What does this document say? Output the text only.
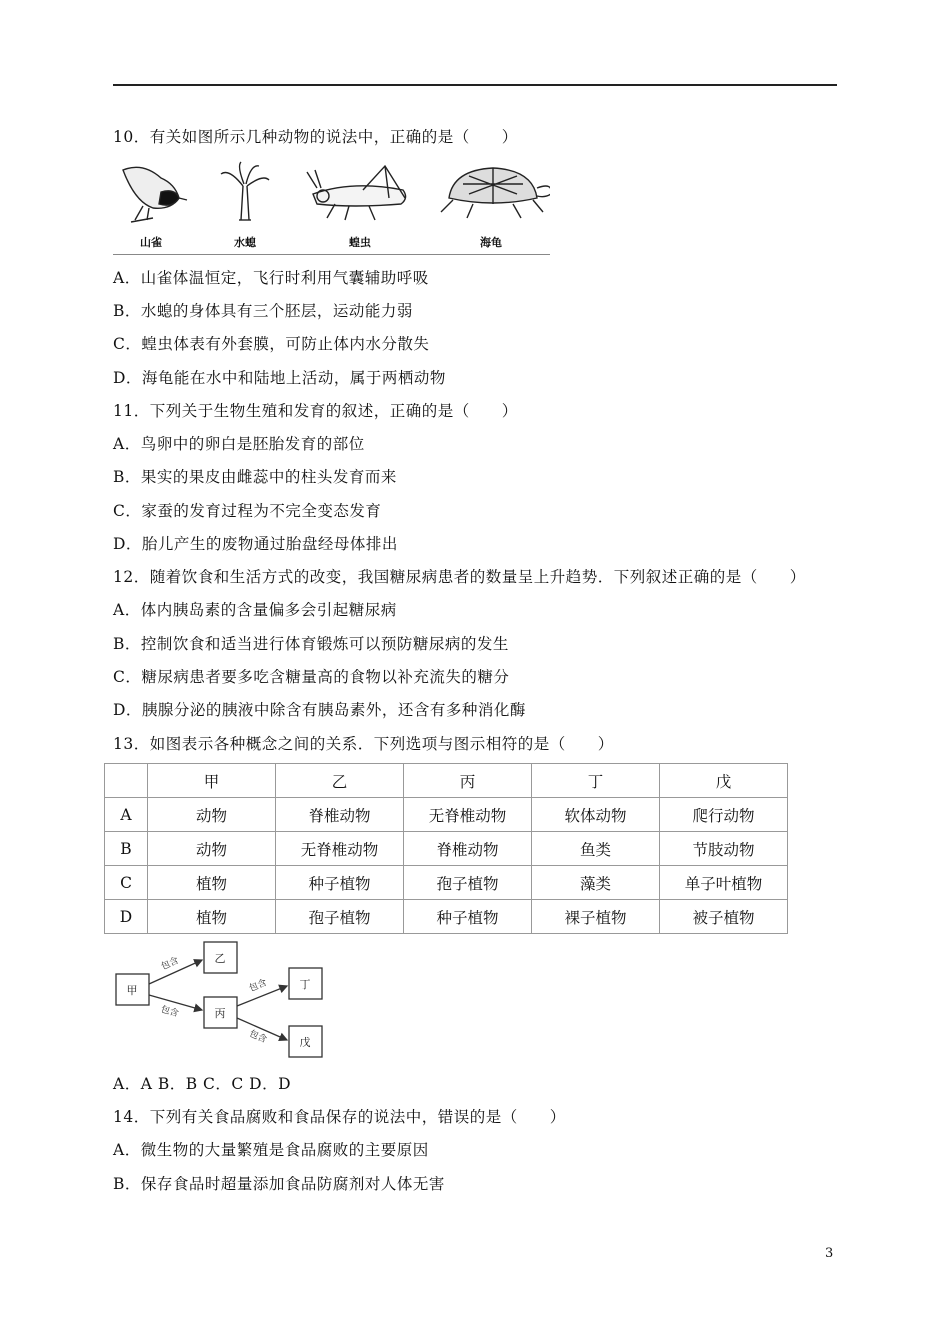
10．有关如图所示几种动物的说法中，正确的是（　　）
山雀	水螅	蝗虫	海龟
A．山雀体温恒定，飞行时利用气囊辅助呼吸
B．水螅的身体具有三个胚层，运动能力弱
C．蝗虫体表有外套膜，可防止体内水分散失
D．海龟能在水中和陆地上活动，属于两栖动物
11．下列关于生物生殖和发育的叙述，正确的是（　　）
A．鸟卵中的卵白是胚胎发育的部位
B．果实的果皮由雌蕊中的柱头发育而来
C．家蚕的发育过程为不完全变态发育
D．胎儿产生的废物通过胎盘经母体排出
12．随着饮食和生活方式的改变，我国糖尿病患者的数量呈上升趋势．下列叙述正确的是（　　）
A．体内胰岛素的含量偏多会引起糖尿病
B．控制饮食和适当进行体育锻炼可以预防糖尿病的发生
C．糖尿病患者要多吃含糖量高的食物以补充流失的糖分
D．胰腺分泌的胰液中除含有胰岛素外，还含有多种消化酶
13．如图表示各种概念之间的关系．下列选项与图示相符的是（　　）
	甲	乙	丙	丁	戊
A	动物	脊椎动物	无脊椎动物	软体动物	爬行动物
B	动物	无脊椎动物	脊椎动物	鱼类	节肢动物
C	植物	种子植物	孢子植物	藻类	单子叶植物
D	植物	孢子植物	种子植物	裸子植物	被子植物
甲
乙
丙
丁
戊
包含
包含
包含
包含
A．A B．B C．C D．D
14．下列有关食品腐败和食品保存的说法中，错误的是（　　）
A．微生物的大量繁殖是食品腐败的主要原因
B．保存食品时超量添加食品防腐剂对人体无害
3
